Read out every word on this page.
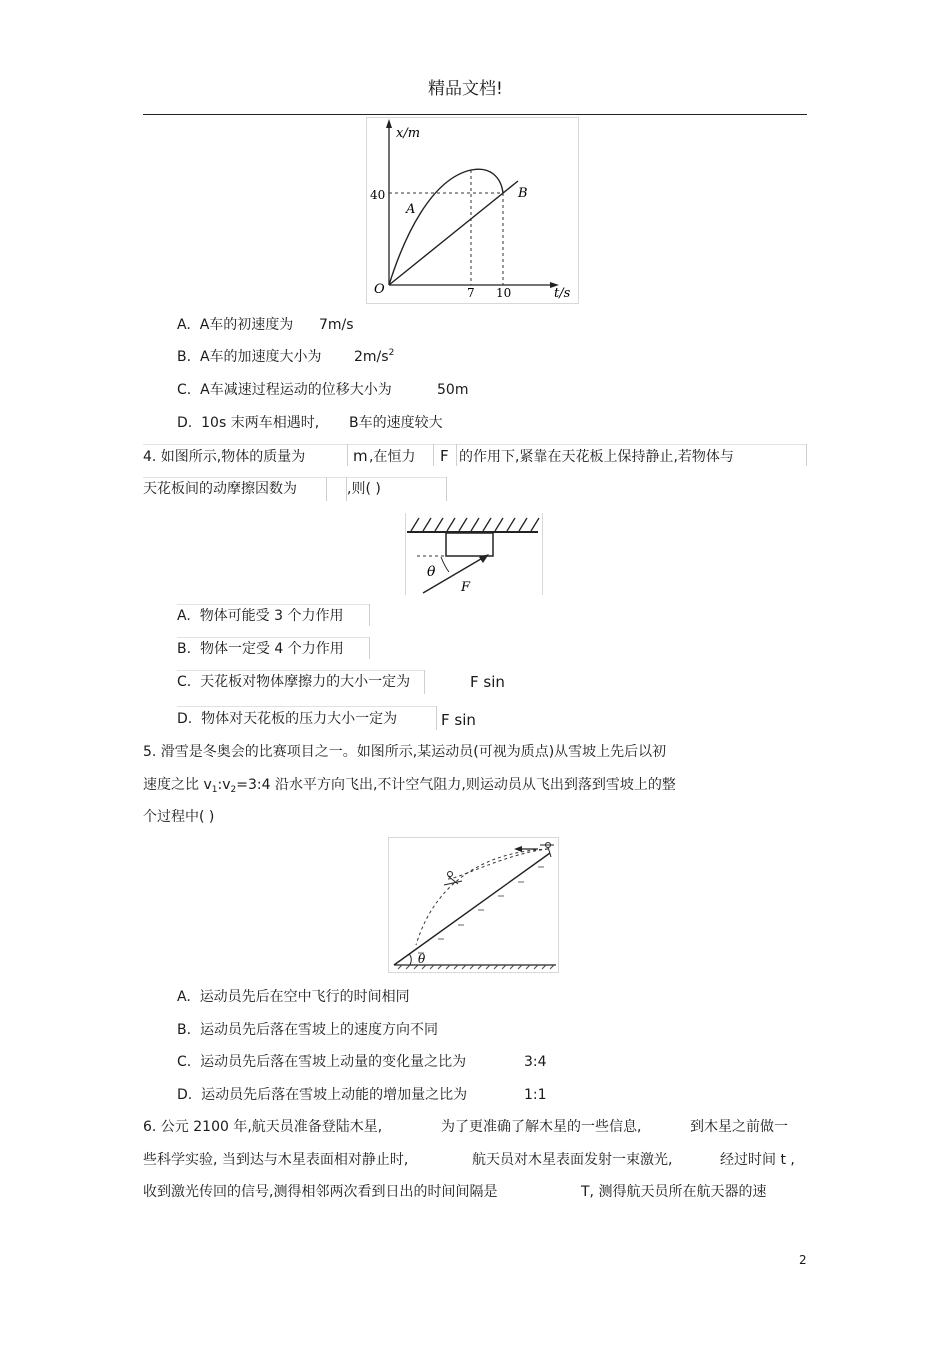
精品文档!
x/m
40
O	7 10	t/s
A
B
A. A车的初速度为 7m/s
B. A车的加速度大小为 $2m/s^2$
C. A车减速过程运动的位移大小为	50m
D. 10s 末两车相遇时, B车的速度较大
4. 如图所示,物体的质量为	m ,在恒力 F 的作用下,紧靠在天花板上保持静止,若物体与
天花板间的动摩擦因数为	,则( )
θ
F
A. 物体可能受 3 个力作用
B. 物体一定受 4 个力作用
C. 天花板对物体摩擦力的大小一定为	F sin
D. 物体对天花板的压力大小一定为	F sin
5. 滑雪是冬奥会的比赛项目之一。如图所示,某运动员(可视为质点)从雪坡上先后以初
速度之比 $v_1:v_2=3:4$ 沿水平方向飞出,不计空气阻力,则运动员从飞出到落到雪坡上的整
个过程中( )
θ
A. 运动员先后在空中飞行的时间相同
B. 运动员先后落在雪坡上的速度方向不同
C. 运动员先后落在雪坡上动量的变化量之比为	3:4
D. 运动员先后落在雪坡上动能的增加量之比为	1:1
6. 公元 2100 年,航天员准备登陆木星,	为了更准确了解木星的一些信息,	到木星之前做一
些科学实验, 当到达与木星表面相对静止时,	航天员对木星表面发射一束激光,	经过时间 t ,
收到激光传回的信号,测得相邻两次看到日出的时间间隔是	T, 测得航天员所在航天器的速
2
